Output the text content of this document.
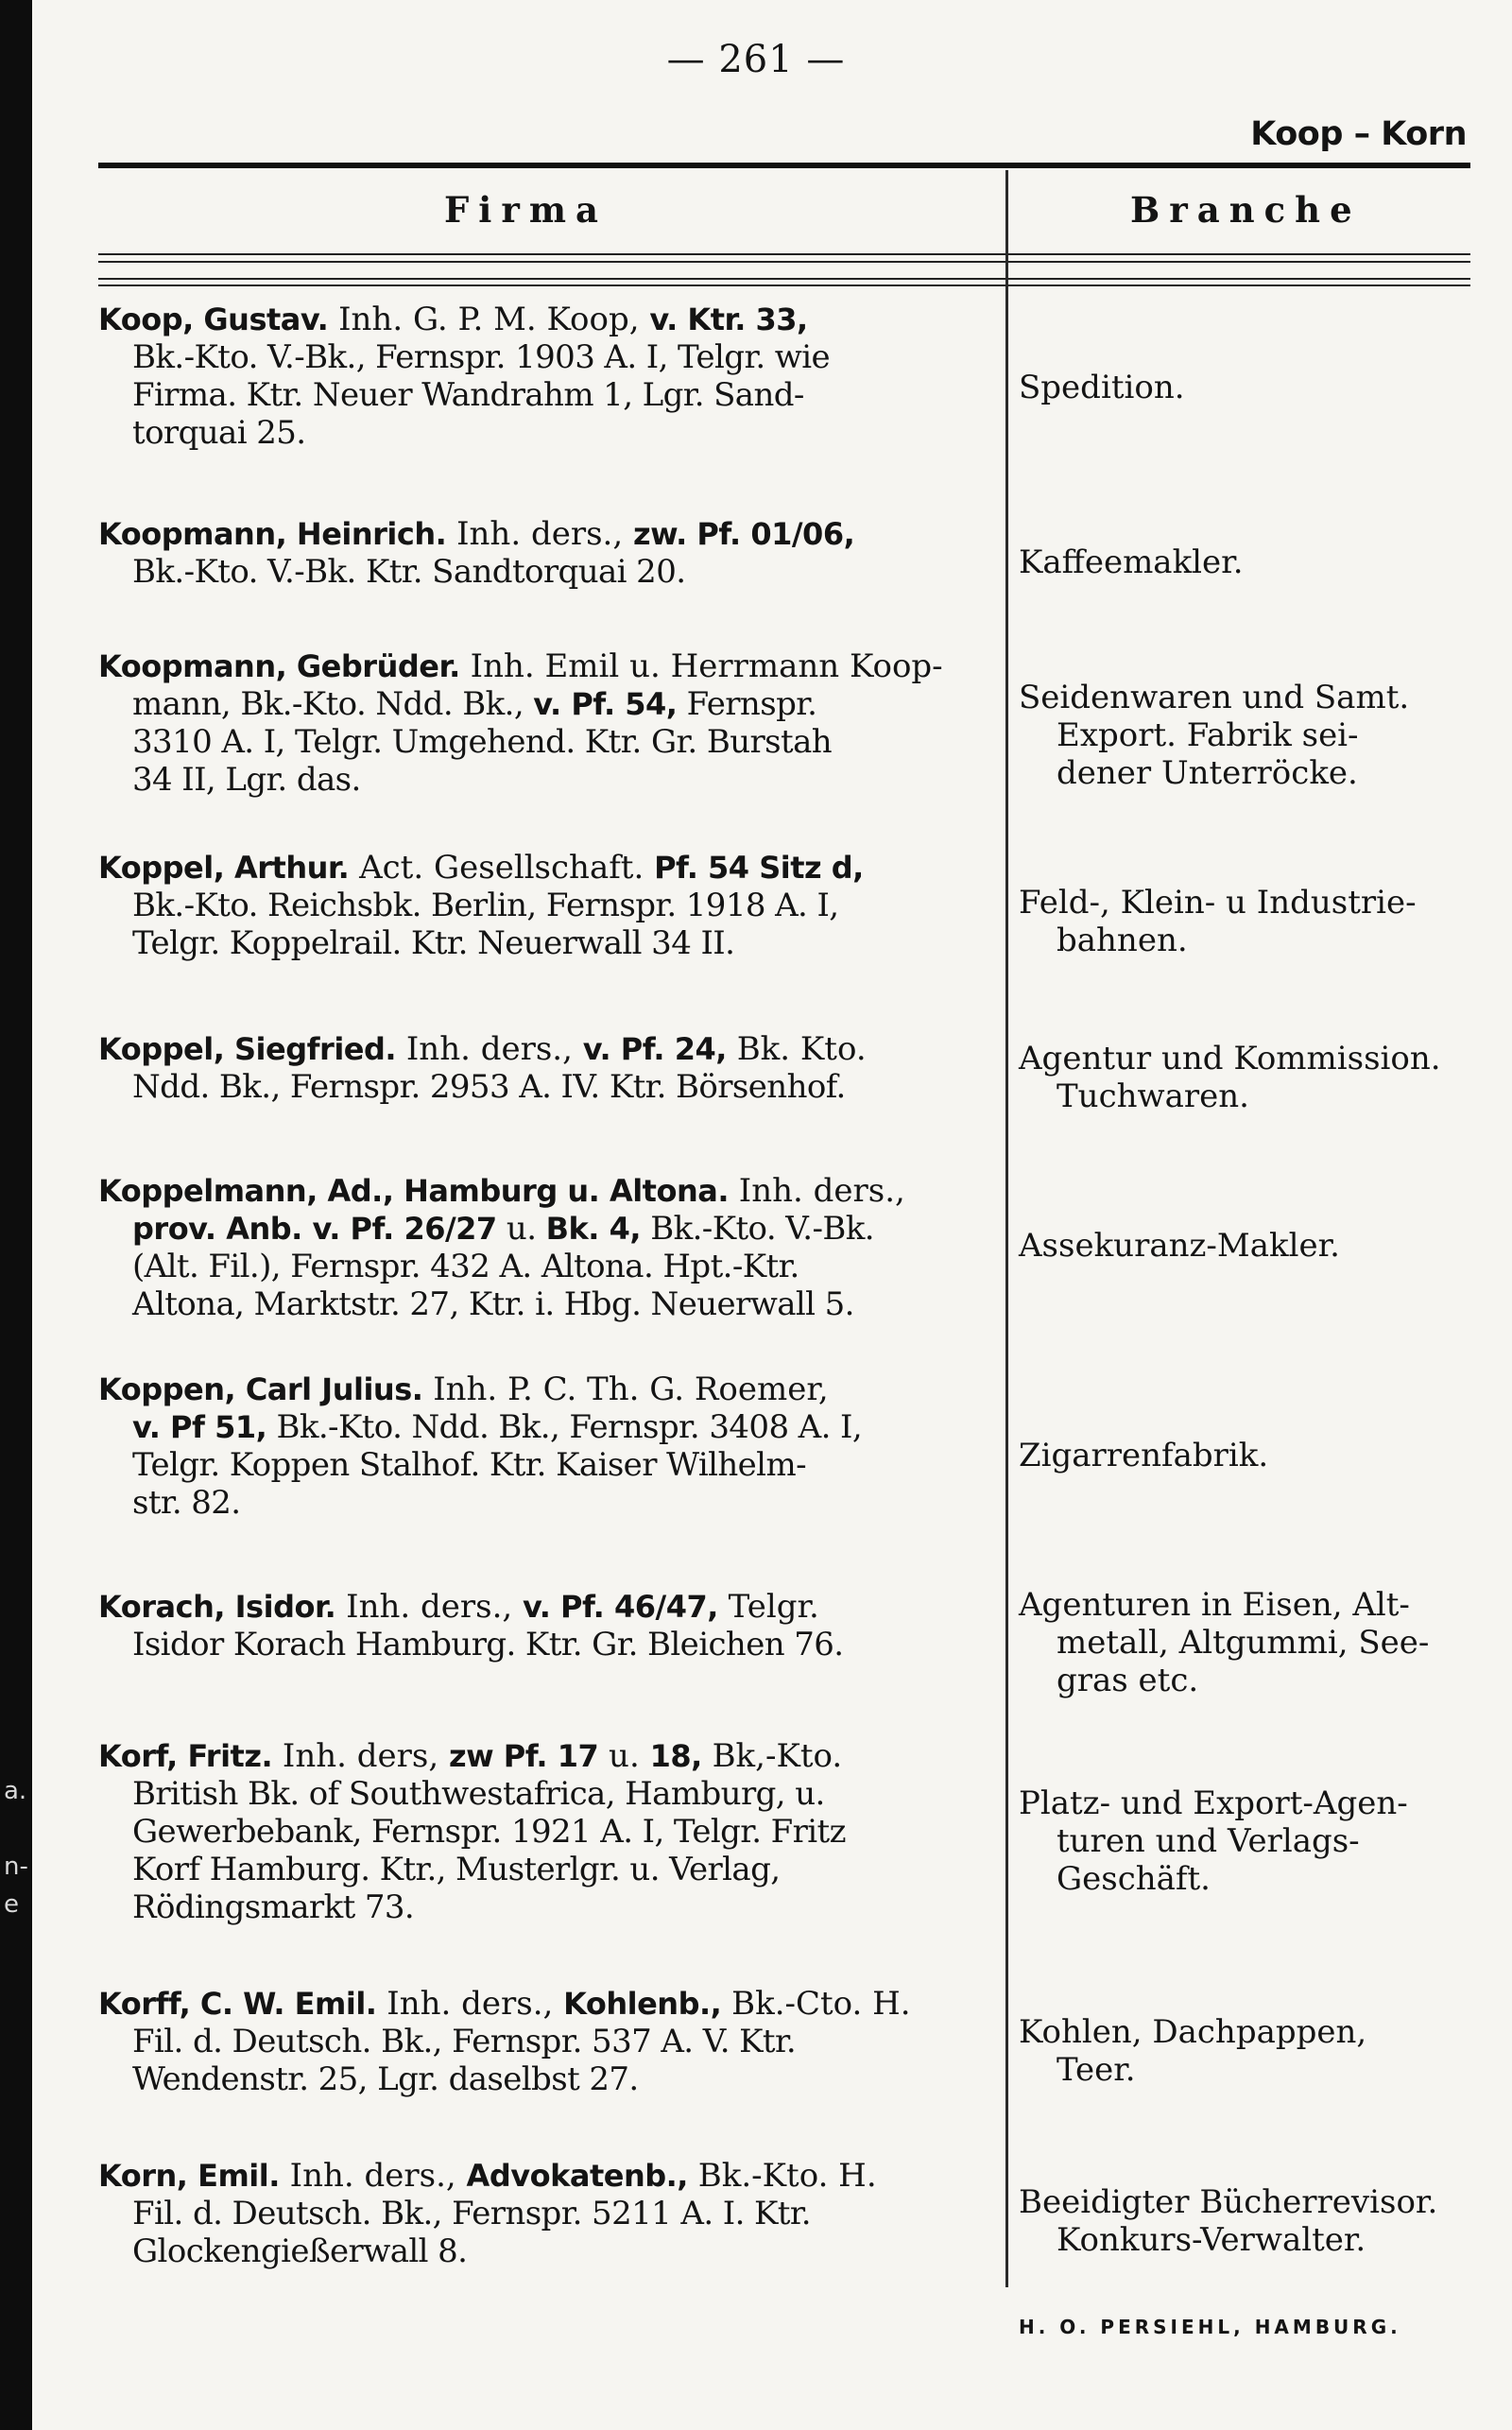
a.
n-
e
— 261 —
Koop – Korn
Firma	Branche
Koop, Gustav. Inh. G. P. M. Koop, v. Ktr. 33,
Bk.-Kto. V.-Bk., Fernspr. 1903 A. I, Telgr. wie
Firma. Ktr. Neuer Wandrahm 1, Lgr. Sand-
torquai 25.
Spedition.
Koopmann, Heinrich. Inh. ders., zw. Pf. 01/06,
Bk.-Kto. V.-Bk. Ktr. Sandtorquai 20.	Kaffeemakler.
Koopmann, Gebrüder. Inh. Emil u. Herrmann Koop-
mann, Bk.-Kto. Ndd. Bk., v. Pf. 54, Fernspr.
3310 A. I, Telgr. Umgehend. Ktr. Gr. Burstah
34 II, Lgr. das.
Seidenwaren und Samt.
Export. Fabrik sei-
dener Unterröcke.
Koppel, Arthur. Act. Gesellschaft. Pf. 54 Sitz d,
Bk.-Kto. Reichsbk. Berlin, Fernspr. 1918 A. I,
Telgr. Koppelrail. Ktr. Neuerwall 34 II.
Feld-, Klein- u Industrie-
bahnen.
Koppel, Siegfried. Inh. ders., v. Pf. 24, Bk. Kto.
Ndd. Bk., Fernspr. 2953 A. IV. Ktr. Börsenhof.
Agentur und Kommission.
Tuchwaren.
Koppelmann, Ad., Hamburg u. Altona. Inh. ders.,
prov. Anb. v. Pf. 26/27 u. Bk. 4, Bk.-Kto. V.-Bk.
(Alt. Fil.), Fernspr. 432 A. Altona. Hpt.-Ktr.
Altona, Marktstr. 27, Ktr. i. Hbg. Neuerwall 5.
Assekuranz-Makler.
Koppen, Carl Julius. Inh. P. C. Th. G. Roemer,
v. Pf 51, Bk.-Kto. Ndd. Bk., Fernspr. 3408 A. I,
Telgr. Koppen Stalhof. Ktr. Kaiser Wilhelm-
str. 82.
Zigarrenfabrik.
Korach, Isidor. Inh. ders., v. Pf. 46/47, Telgr.
Isidor Korach Hamburg. Ktr. Gr. Bleichen 76.
Agenturen in Eisen, Alt-
metall, Altgummi, See-
gras etc.
Korf, Fritz. Inh. ders, zw Pf. 17 u. 18, Bk,-Kto.
British Bk. of Southwestafrica, Hamburg, u.
Gewerbebank, Fernspr. 1921 A. I, Telgr. Fritz
Korf Hamburg. Ktr., Musterlgr. u. Verlag,
Rödingsmarkt 73.
Platz- und Export-Agen-
turen und Verlags-
Geschäft.
Korff, C. W. Emil. Inh. ders., Kohlenb., Bk.-Cto. H.
Fil. d. Deutsch. Bk., Fernspr. 537 A. V. Ktr.
Wendenstr. 25, Lgr. daselbst 27.
Kohlen, Dachpappen,
Teer.
Korn, Emil. Inh. ders., Advokatenb., Bk.-Kto. H.
Fil. d. Deutsch. Bk., Fernspr. 5211 A. I. Ktr.
Glockengießerwall 8.
Beeidigter Bücherrevisor.
Konkurs-Verwalter.
H. O. PERSIEHL, HAMBURG.
